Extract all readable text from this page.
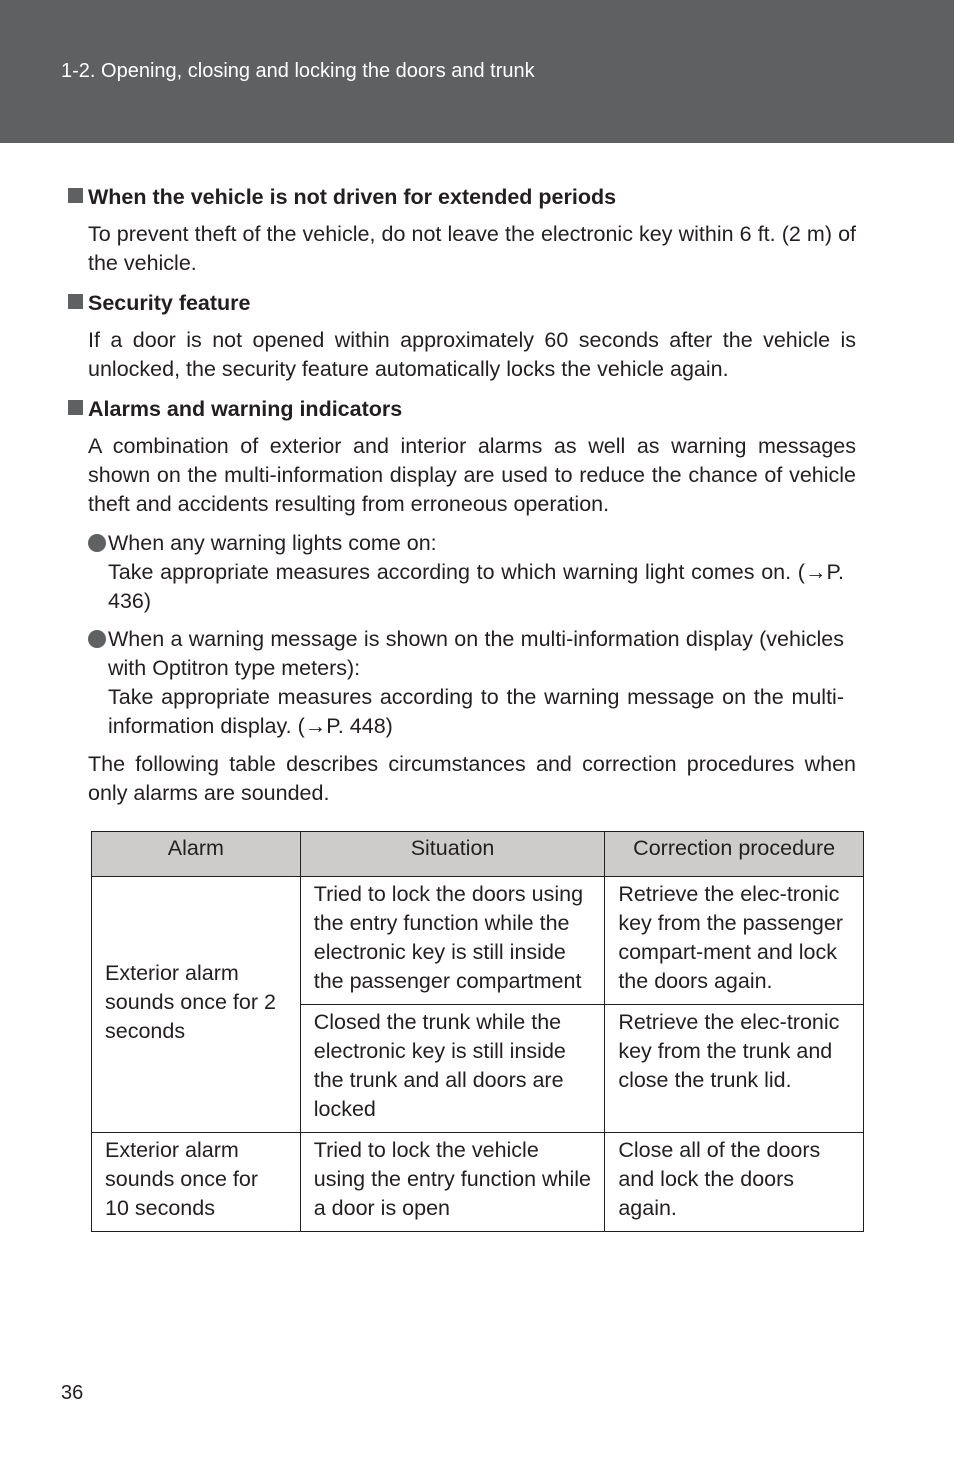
1-2. Opening, closing and locking the doors and trunk
When the vehicle is not driven for extended periods
To prevent theft of the vehicle, do not leave the electronic key within 6 ft. (2 m) of the vehicle.
Security feature
If a door is not opened within approximately 60 seconds after the vehicle is unlocked, the security feature automatically locks the vehicle again.
Alarms and warning indicators
A combination of exterior and interior alarms as well as warning messages shown on the multi-information display are used to reduce the chance of vehicle theft and accidents resulting from erroneous operation.

When any warning lights come on:

Take appropriate measures according to which warning light comes on. (→P. 436)

When a warning message is shown on the multi-information display (vehicles with Optitron type meters):

Take appropriate measures according to the warning message on the multi-information display. (→P. 448)

The following table describes circumstances and correction procedures when only alarms are sounded.
Alarm	Situation	Correction procedure
Exterior alarm sounds once for 2 seconds	Tried to lock the doors using the entry function while the electronic key is still inside the passenger compartment	Retrieve the elec-tronic key from the passenger compart-ment and lock the doors again.
	Closed the trunk while the electronic key is still inside the trunk and all doors are locked	Retrieve the elec-tronic key from the trunk and close the trunk lid.
Exterior alarm sounds once for 10 seconds	Tried to lock the vehicle using the entry function while a door is open	Close all of the doors and lock the doors again.
36
